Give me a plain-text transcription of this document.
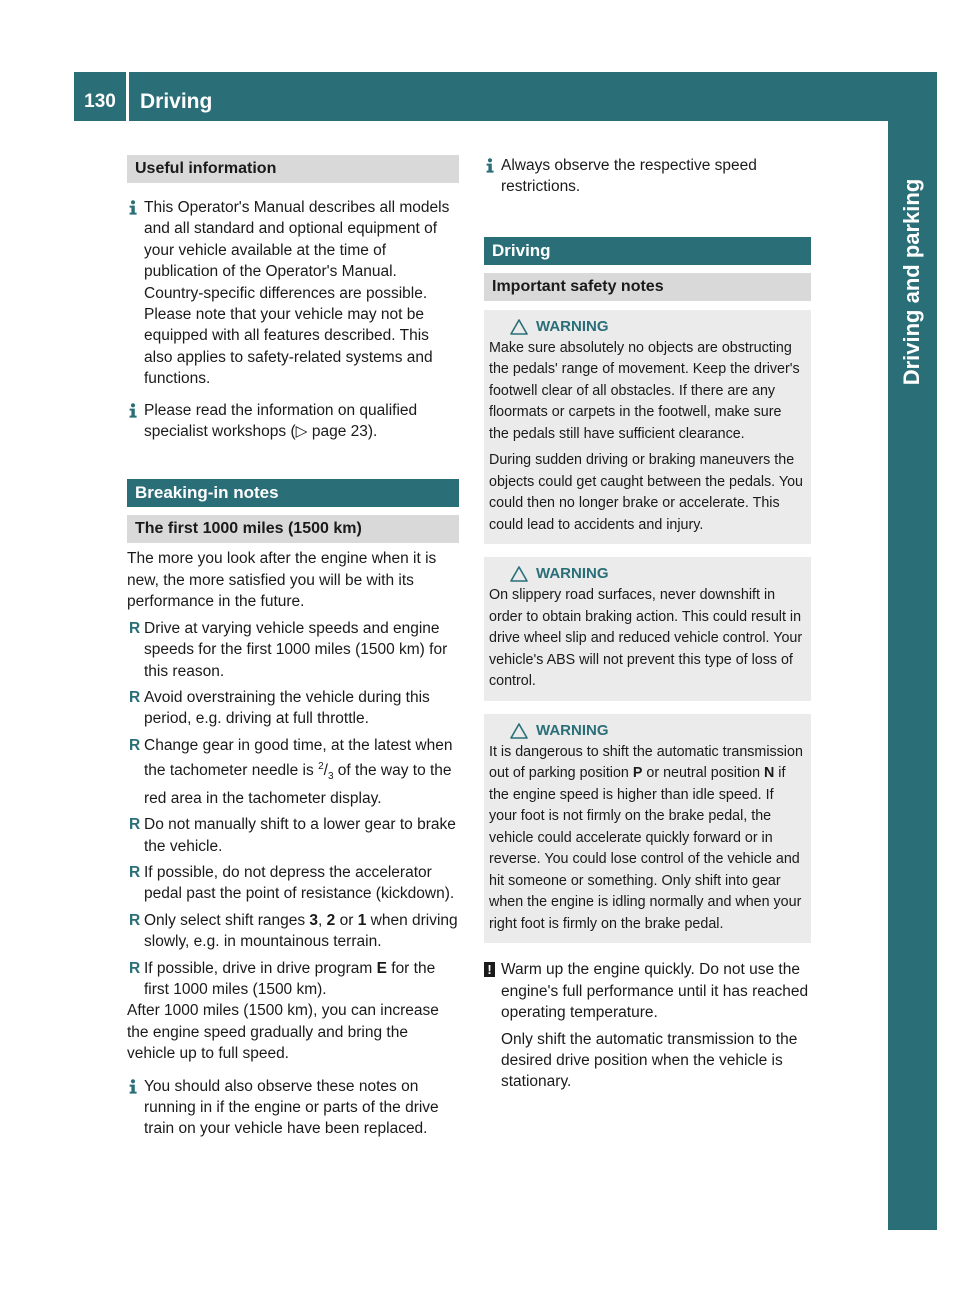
130	Driving
Driving and parking
Useful information
This Operator's Manual describes all models and all standard and optional equipment of your vehicle available at the time of publication of the Operator's Manual. Country-specific differences are possible. Please note that your vehicle may not be equipped with all features described. This also applies to safety-related systems and functions.
Please read the information on qualified specialist workshops (▷ page 23).
Breaking-in notes
The first 1000 miles (1500 km)

The more you look after the engine when it is new, the more satisfied you will be with its performance in the future.

R Drive at varying vehicle speeds and engine speeds for the first 1000 miles (1500 km) for this reason.
R Avoid overstraining the vehicle during this period, e.g. driving at full throttle.
R Change gear in good time, at the latest when the tachometer needle is $^2/_3$ of the way to the red area in the tachometer display.
R Do not manually shift to a lower gear to brake the vehicle.
R If possible, do not depress the accelerator pedal past the point of resistance (kickdown).
R Only select shift ranges 3, 2 or 1 when driving slowly, e.g. in mountainous terrain.
R If possible, drive in drive program E for the first 1000 miles (1500 km).

After 1000 miles (1500 km), you can increase the engine speed gradually and bring the vehicle up to full speed.

You should also observe these notes on running in if the engine or parts of the drive train on your vehicle have been replaced.
Always observe the respective speed restrictions.
Driving
Important safety notes
WARNING

Make sure absolutely no objects are obstructing the pedals' range of movement. Keep the driver's footwell clear of all obstacles. If there are any floormats or carpets in the footwell, make sure the pedals still have sufficient clearance.

During sudden driving or braking maneuvers the objects could get caught between the pedals. You could then no longer brake or accelerate. This could lead to accidents and injury.

WARNING

On slippery road surfaces, never downshift in order to obtain braking action. This could result in drive wheel slip and reduced vehicle control. Your vehicle's ABS will not prevent this type of loss of control.

WARNING

It is dangerous to shift the automatic transmission out of parking position P or neutral position N if the engine speed is higher than idle speed. If your foot is not firmly on the brake pedal, the vehicle could accelerate quickly forward or in reverse. You could lose control of the vehicle and hit someone or something. Only shift into gear when the engine is idling normally and when your right foot is firmly on the brake pedal.

! Warm up the engine quickly. Do not use the engine's full performance until it has reached operating temperature.

Only shift the automatic transmission to the desired drive position when the vehicle is stationary.
